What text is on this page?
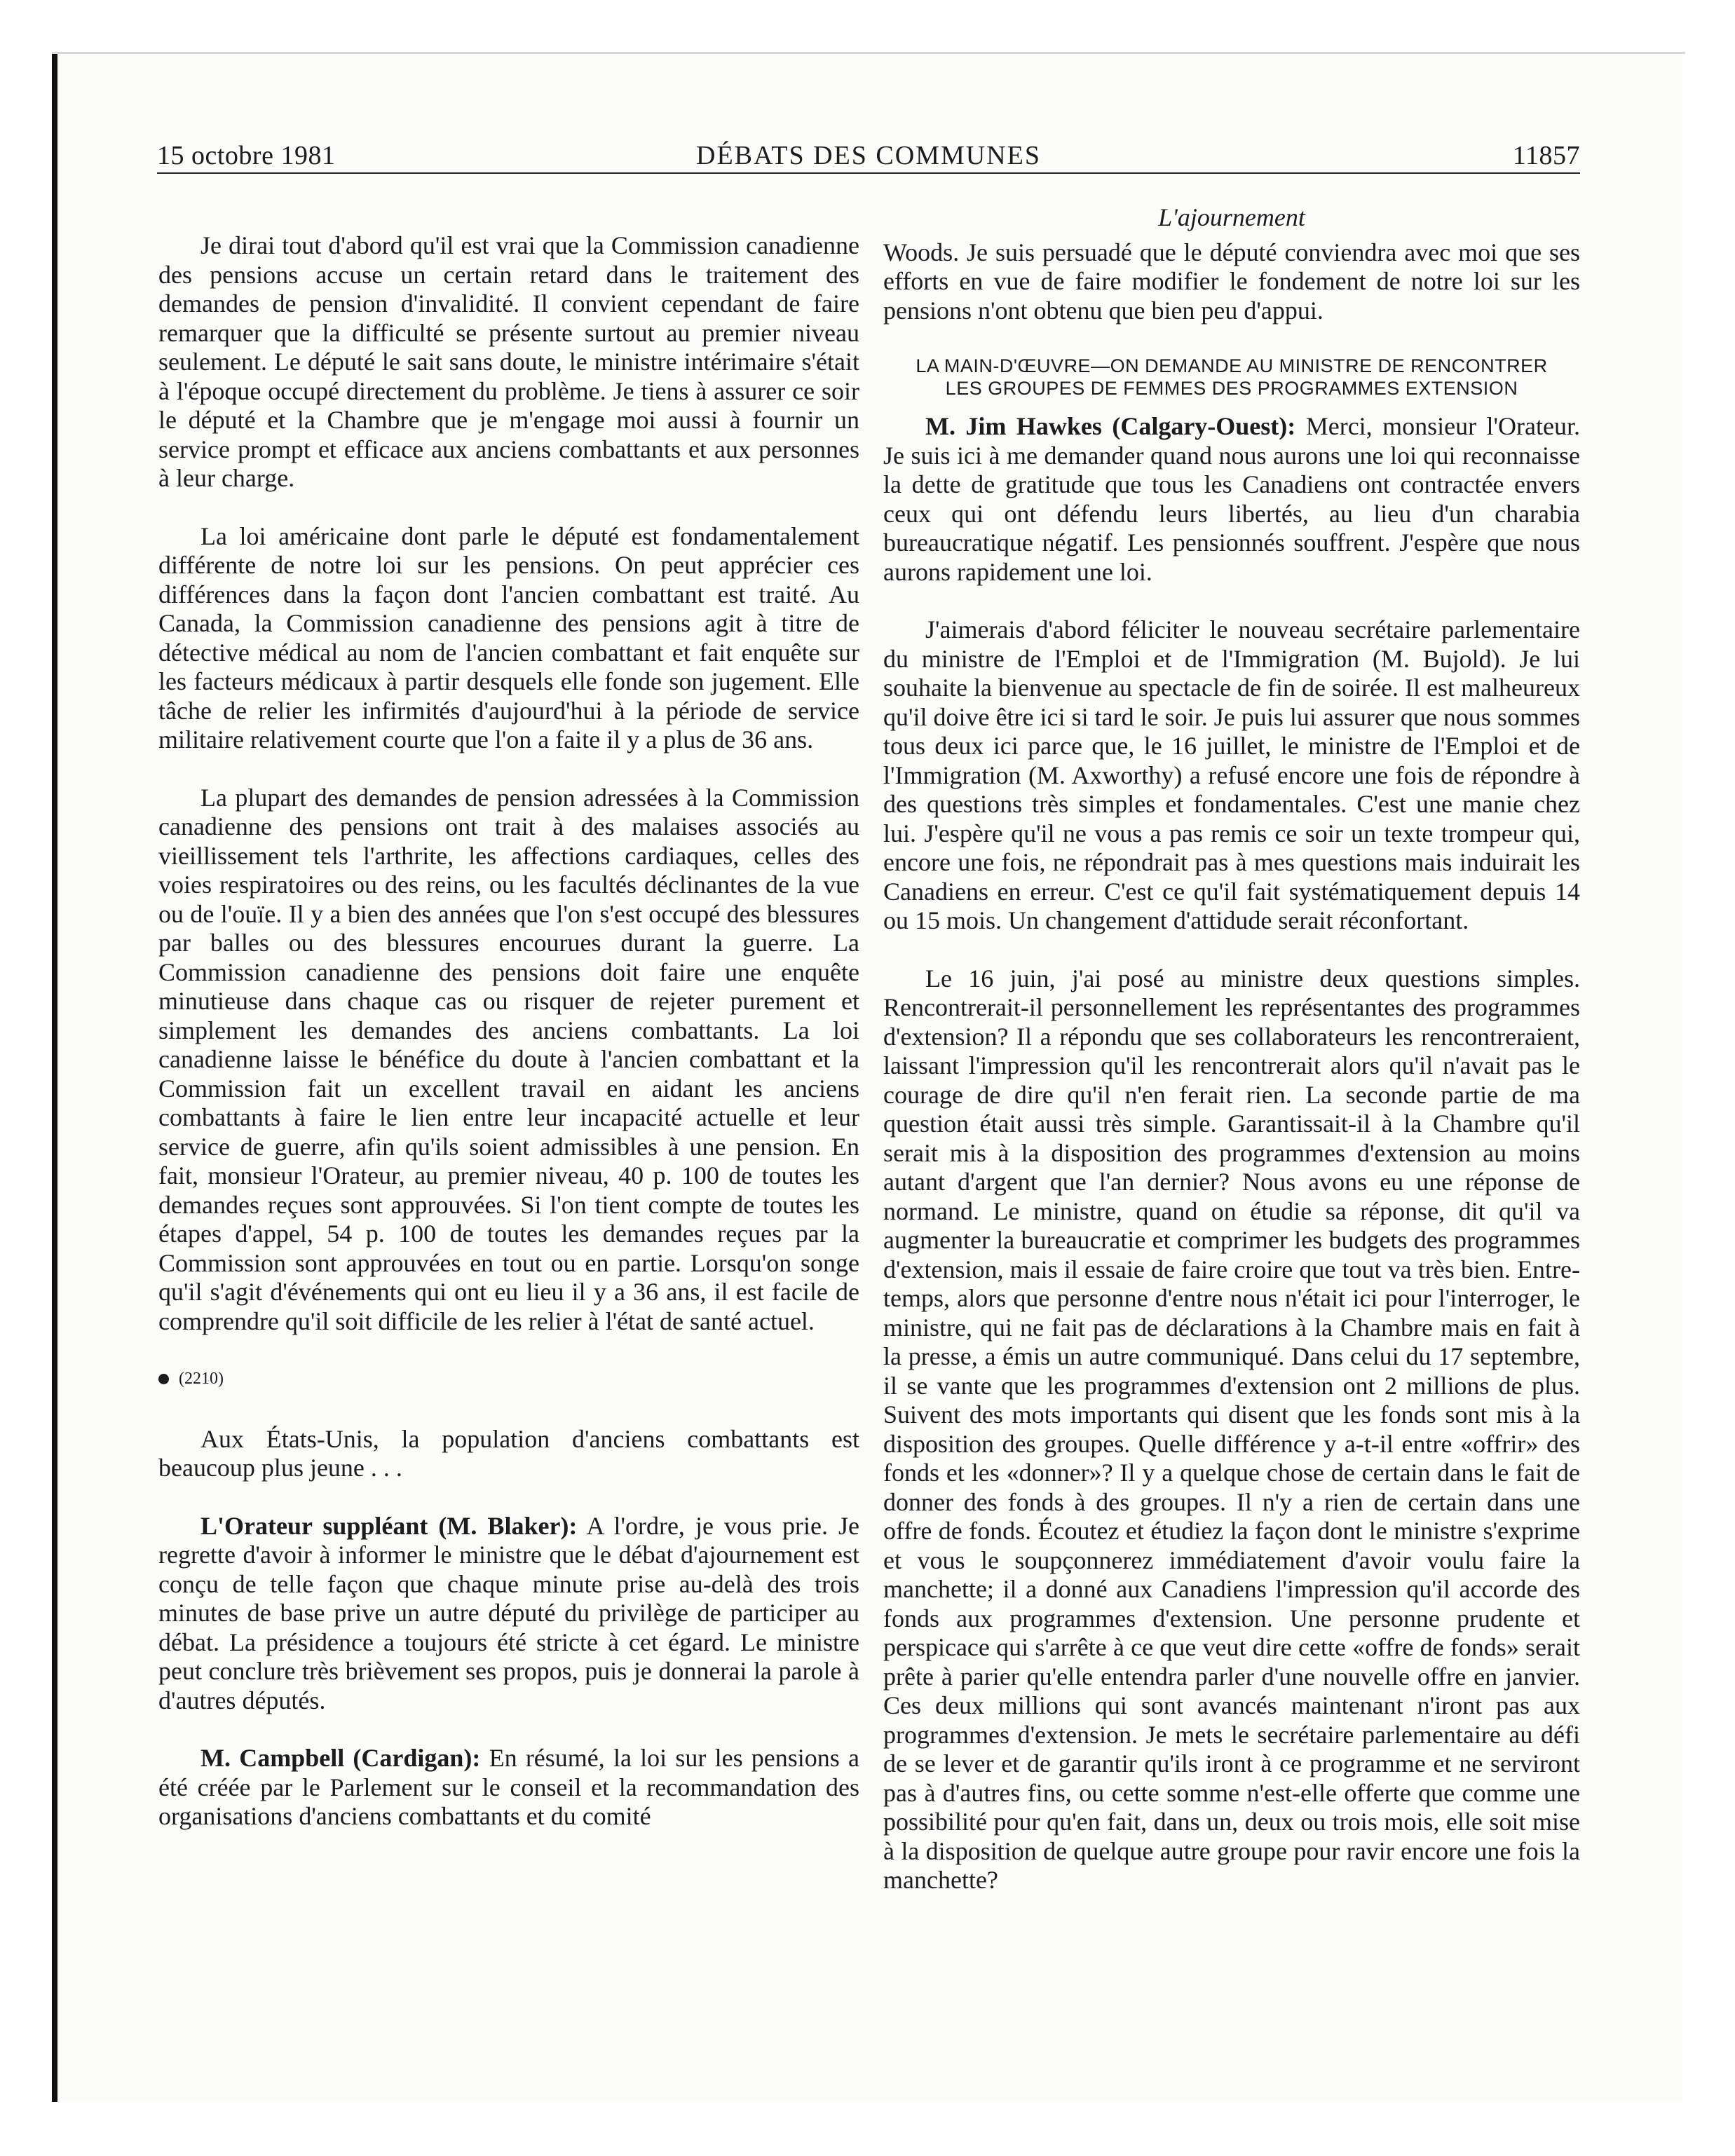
15 octobre 1981	DÉBATS DES COMMUNES	11857

Je dirai tout d'abord qu'il est vrai que la Commission canadienne des pensions accuse un certain retard dans le traitement des demandes de pension d'invalidité. Il convient cependant de faire remarquer que la difficulté se présente surtout au premier niveau seulement. Le député le sait sans doute, le ministre intérimaire s'était à l'époque occupé directement du problème. Je tiens à assurer ce soir le député et la Chambre que je m'engage moi aussi à fournir un service prompt et efficace aux anciens combattants et aux personnes à leur charge.

La loi américaine dont parle le député est fondamentalement différente de notre loi sur les pensions. On peut apprécier ces différences dans la façon dont l'ancien combattant est traité. Au Canada, la Commission canadienne des pensions agit à titre de détective médical au nom de l'ancien combattant et fait enquête sur les facteurs médicaux à partir desquels elle fonde son jugement. Elle tâche de relier les infirmités d'aujourd'hui à la période de service militaire relativement courte que l'on a faite il y a plus de 36 ans.

La plupart des demandes de pension adressées à la Commission canadienne des pensions ont trait à des malaises associés au vieillissement tels l'arthrite, les affections cardiaques, celles des voies respiratoires ou des reins, ou les facultés déclinantes de la vue ou de l'ouïe. Il y a bien des années que l'on s'est occupé des blessures par balles ou des blessures encourues durant la guerre. La Commission canadienne des pensions doit faire une enquête minutieuse dans chaque cas ou risquer de rejeter purement et simplement les demandes des anciens combattants. La loi canadienne laisse le bénéfice du doute à l'ancien combattant et la Commission fait un excellent travail en aidant les anciens combattants à faire le lien entre leur incapacité actuelle et leur service de guerre, afin qu'ils soient admissibles à une pension. En fait, monsieur l'Orateur, au premier niveau, 40 p. 100 de toutes les demandes reçues sont approuvées. Si l'on tient compte de toutes les étapes d'appel, 54 p. 100 de toutes les demandes reçues par la Commission sont approuvées en tout ou en partie. Lorsqu'on songe qu'il s'agit d'événements qui ont eu lieu il y a 36 ans, il est facile de comprendre qu'il soit difficile de les relier à l'état de santé actuel.

(2210)

Aux États-Unis, la population d'anciens combattants est beaucoup plus jeune . . .

L'Orateur suppléant (M. Blaker): A l'ordre, je vous prie. Je regrette d'avoir à informer le ministre que le débat d'ajournement est conçu de telle façon que chaque minute prise au-delà des trois minutes de base prive un autre député du privilège de participer au débat. La présidence a toujours été stricte à cet égard. Le ministre peut conclure très brièvement ses propos, puis je donnerai la parole à d'autres députés.

M. Campbell (Cardigan): En résumé, la loi sur les pensions a été créée par le Parlement sur le conseil et la recommandation des organisations d'anciens combattants et du comité

L'ajournement

Woods. Je suis persuadé que le député conviendra avec moi que ses efforts en vue de faire modifier le fondement de notre loi sur les pensions n'ont obtenu que bien peu d'appui.

LA MAIN-D'ŒUVRE—ON DEMANDE AU MINISTRE DE RENCONTRER LES GROUPES DE FEMMES DES PROGRAMMES EXTENSION

M. Jim Hawkes (Calgary-Ouest): Merci, monsieur l'Orateur. Je suis ici à me demander quand nous aurons une loi qui reconnaisse la dette de gratitude que tous les Canadiens ont contractée envers ceux qui ont défendu leurs libertés, au lieu d'un charabia bureaucratique négatif. Les pensionnés souffrent. J'espère que nous aurons rapidement une loi.

J'aimerais d'abord féliciter le nouveau secrétaire parlementaire du ministre de l'Emploi et de l'Immigration (M. Bujold). Je lui souhaite la bienvenue au spectacle de fin de soirée. Il est malheureux qu'il doive être ici si tard le soir. Je puis lui assurer que nous sommes tous deux ici parce que, le 16 juillet, le ministre de l'Emploi et de l'Immigration (M. Axworthy) a refusé encore une fois de répondre à des questions très simples et fondamentales. C'est une manie chez lui. J'espère qu'il ne vous a pas remis ce soir un texte trompeur qui, encore une fois, ne répondrait pas à mes questions mais induirait les Canadiens en erreur. C'est ce qu'il fait systématiquement depuis 14 ou 15 mois. Un changement d'attidude serait réconfortant.

Le 16 juin, j'ai posé au ministre deux questions simples. Rencontrerait-il personnellement les représentantes des programmes d'extension? Il a répondu que ses collaborateurs les rencontreraient, laissant l'impression qu'il les rencontrerait alors qu'il n'avait pas le courage de dire qu'il n'en ferait rien. La seconde partie de ma question était aussi très simple. Garantissait-il à la Chambre qu'il serait mis à la disposition des programmes d'extension au moins autant d'argent que l'an dernier? Nous avons eu une réponse de normand. Le ministre, quand on étudie sa réponse, dit qu'il va augmenter la bureaucratie et comprimer les budgets des programmes d'extension, mais il essaie de faire croire que tout va très bien. Entre-temps, alors que personne d'entre nous n'était ici pour l'interroger, le ministre, qui ne fait pas de déclarations à la Chambre mais en fait à la presse, a émis un autre communiqué. Dans celui du 17 septembre, il se vante que les programmes d'extension ont 2 millions de plus. Suivent des mots importants qui disent que les fonds sont mis à la disposition des groupes. Quelle différence y a-t-il entre «offrir» des fonds et les «donner»? Il y a quelque chose de certain dans le fait de donner des fonds à des groupes. Il n'y a rien de certain dans une offre de fonds. Écoutez et étudiez la façon dont le ministre s'exprime et vous le soupçonnerez immédiatement d'avoir voulu faire la manchette; il a donné aux Canadiens l'impression qu'il accorde des fonds aux programmes d'extension. Une personne prudente et perspicace qui s'arrête à ce que veut dire cette «offre de fonds» serait prête à parier qu'elle entendra parler d'une nouvelle offre en janvier. Ces deux millions qui sont avancés maintenant n'iront pas aux programmes d'extension. Je mets le secrétaire parlementaire au défi de se lever et de garantir qu'ils iront à ce programme et ne serviront pas à d'autres fins, ou cette somme n'est-elle offerte que comme une possibilité pour qu'en fait, dans un, deux ou trois mois, elle soit mise à la disposition de quelque autre groupe pour ravir encore une fois la manchette?
